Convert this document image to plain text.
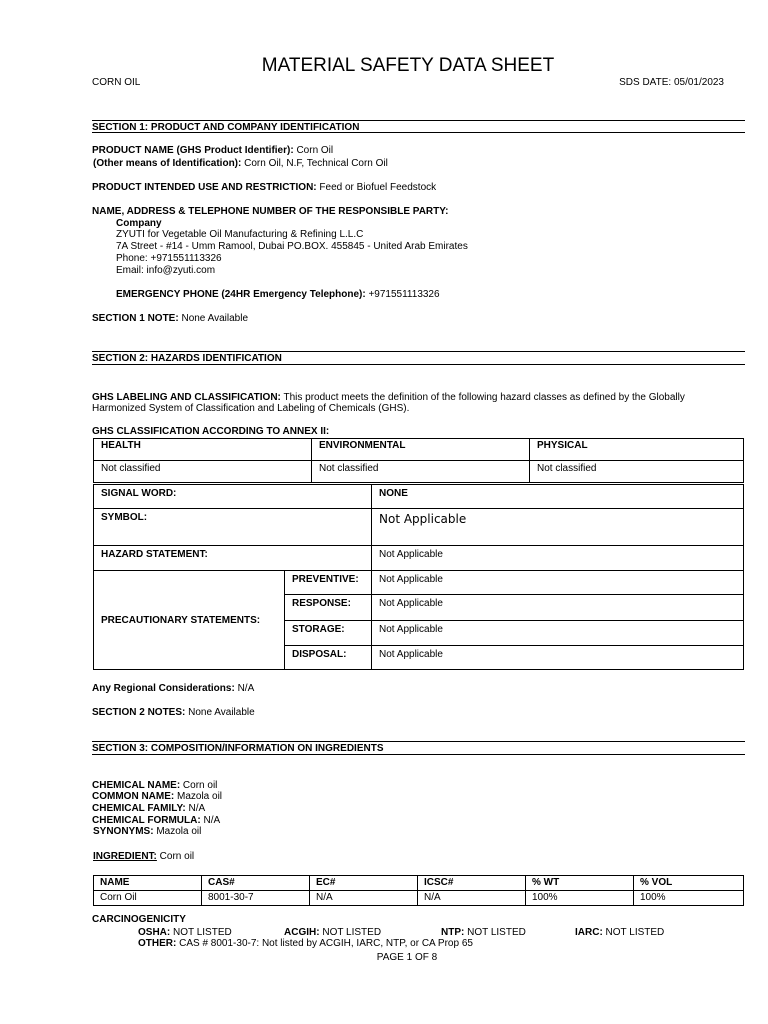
MATERIAL SAFETY DATA SHEET
CORN OIL	SDS DATE: 05/01/2023
SECTION 1: PRODUCT AND COMPANY IDENTIFICATION
PRODUCT NAME (GHS Product Identifier): Corn Oil
(Other means of Identification): Corn Oil, N.F, Technical Corn Oil
PRODUCT INTENDED USE AND RESTRICTION: Feed or Biofuel Feedstock
NAME, ADDRESS & TELEPHONE NUMBER OF THE RESPONSIBLE PARTY:
Company
ZYUTI for Vegetable Oil Manufacturing & Refining L.L.C
7A Street - #14 - Umm Ramool, Dubai PO.BOX. 455845 - United Arab Emirates
Phone: +971551113326
Email: info@zyuti.com
EMERGENCY PHONE (24HR Emergency Telephone): +971551113326
SECTION 1 NOTE: None Available
SECTION 2: HAZARDS IDENTIFICATION
GHS LABELING AND CLASSIFICATION: This product meets the definition of the following hazard classes as defined by the Globally
Harmonized System of Classification and Labeling of Chemicals (GHS).
GHS CLASSIFICATION ACCORDING TO ANNEX II:
HEALTH	ENVIRONMENTAL	PHYSICAL
Not classified	Not classified	Not classified
SIGNAL WORD:		NONE
SYMBOL:		Not Applicable
HAZARD STATEMENT:		Not Applicable
PRECAUTIONARY STATEMENTS:	PREVENTIVE:	Not Applicable
	RESPONSE:	Not Applicable
	STORAGE:	Not Applicable
	DISPOSAL:	Not Applicable
Any Regional Considerations: N/A
SECTION 2 NOTES: None Available
SECTION 3: COMPOSITION/INFORMATION ON INGREDIENTS
CHEMICAL NAME: Corn oil
COMMON NAME: Mazola oil
CHEMICAL FAMILY: N/A
CHEMICAL FORMULA: N/A
SYNONYMS: Mazola oil
INGREDIENT: Corn oil
NAME	CAS#	EC#	ICSC#	% WT	% VOL
Corn Oil	8001-30-7	N/A	N/A	100%	100%
CARCINOGENICITY
OSHA: NOT LISTED	ACGIH: NOT LISTED	NTP: NOT LISTED	IARC: NOT LISTED
OTHER: CAS # 8001-30-7: Not listed by ACGIH, IARC, NTP, or CA Prop 65
PAGE 1 OF 8
